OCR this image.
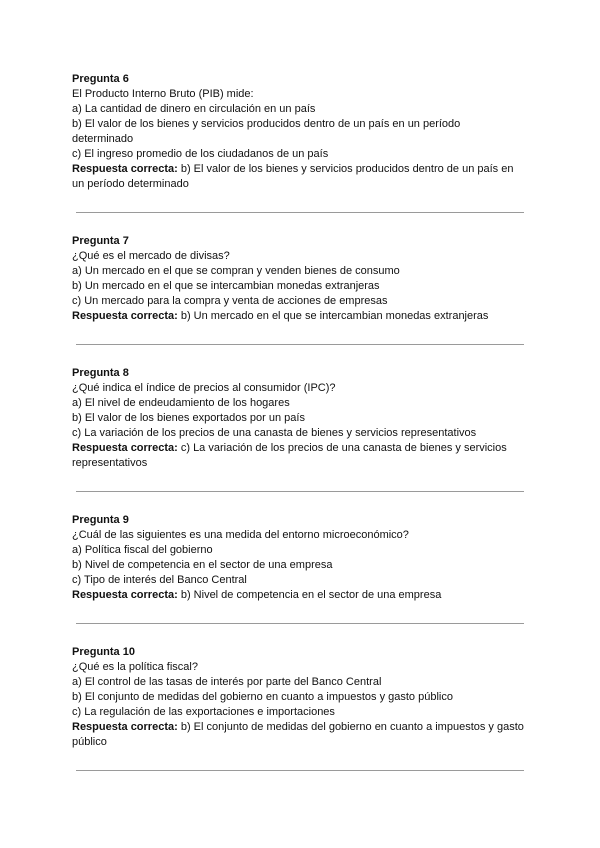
Pregunta 6

El Producto Interno Bruto (PIB) mide:

a) La cantidad de dinero en circulación en un país

b) El valor de los bienes y servicios producidos dentro de un país en un período determinado

c) El ingreso promedio de los ciudadanos de un país

Respuesta correcta: b) El valor de los bienes y servicios producidos dentro de un país en un período determinado

Pregunta 7

¿Qué es el mercado de divisas?

a) Un mercado en el que se compran y venden bienes de consumo

b) Un mercado en el que se intercambian monedas extranjeras

c) Un mercado para la compra y venta de acciones de empresas

Respuesta correcta: b) Un mercado en el que se intercambian monedas extranjeras

Pregunta 8

¿Qué indica el índice de precios al consumidor (IPC)?

a) El nivel de endeudamiento de los hogares

b) El valor de los bienes exportados por un país

c) La variación de los precios de una canasta de bienes y servicios representativos

Respuesta correcta: c) La variación de los precios de una canasta de bienes y servicios representativos

Pregunta 9

¿Cuál de las siguientes es una medida del entorno microeconómico?

a) Política fiscal del gobierno

b) Nivel de competencia en el sector de una empresa

c) Tipo de interés del Banco Central

Respuesta correcta: b) Nivel de competencia en el sector de una empresa

Pregunta 10

¿Qué es la política fiscal?

a) El control de las tasas de interés por parte del Banco Central

b) El conjunto de medidas del gobierno en cuanto a impuestos y gasto público

c) La regulación de las exportaciones e importaciones

Respuesta correcta: b) El conjunto de medidas del gobierno en cuanto a impuestos y gasto público
